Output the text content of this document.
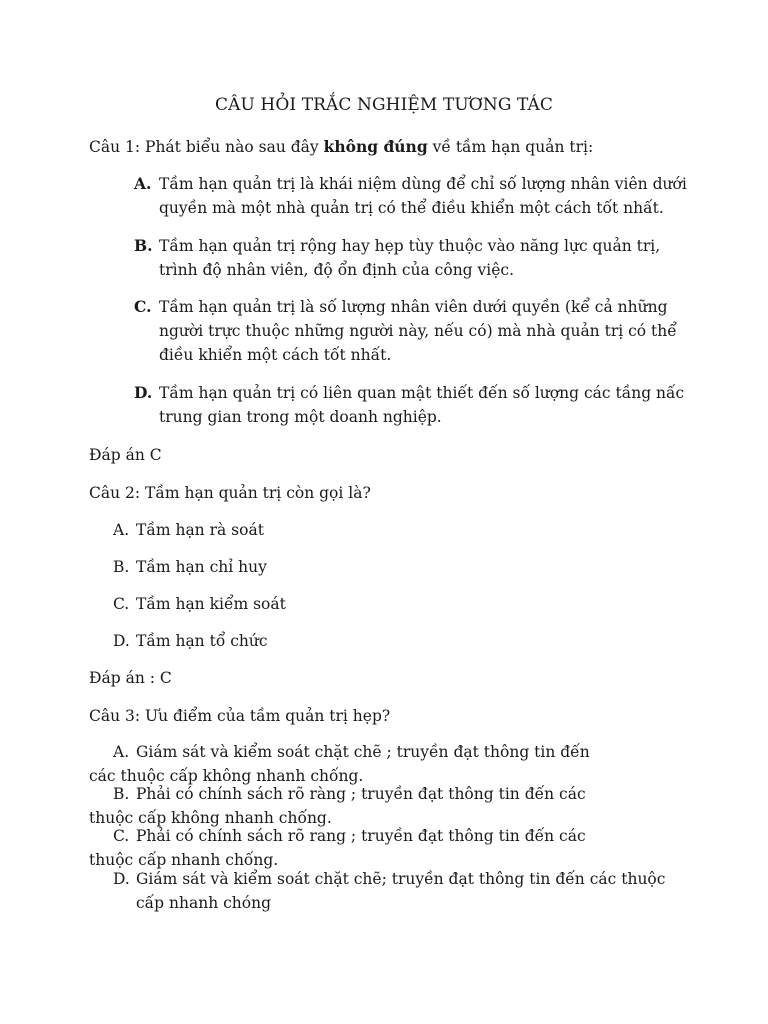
CÂU HỎI TRẮC NGHIỆM TƯƠNG TÁC
Câu 1: Phát biểu nào sau đây không đúng về tầm hạn quản trị:
A. Tầm hạn quản trị là khái niệm dùng để chỉ số lượng nhân viên dưới quyền mà một nhà quản trị có thể điều khiển một cách tốt nhất.
B. Tầm hạn quản trị rộng hay hẹp tùy thuộc vào năng lực quản trị, trình độ nhân viên, độ ổn định của công việc.
C. Tầm hạn quản trị là số lượng nhân viên dưới quyền (kể cả những người trực thuộc những người này, nếu có) mà nhà quản trị có thể điều khiển một cách tốt nhất.
D. Tầm hạn quản trị có liên quan mật thiết đến số lượng các tầng nấc trung gian trong một doanh nghiệp.
Đáp án C
Câu 2: Tầm hạn quản trị còn gọi là?
A. Tầm hạn rà soát
B. Tầm hạn chỉ huy
C. Tầm hạn kiểm soát
D. Tầm hạn tổ chức
Đáp án : C
Câu 3: Ưu điểm của tầm quản trị hẹp?
A. Giám sát và kiểm soát chặt chẽ ; truyền đạt thông tin đến
các thuộc cấp không nhanh chống.
B. Phải có chính sách rõ ràng ; truyền đạt thông tin đến các
thuộc cấp không nhanh chống.
C. Phải có chính sách rõ rang ; truyền đạt thông tin đến các
thuộc cấp nhanh chống.
D. Giám sát và kiểm soát chặt chẽ; truyền đạt thông tin đến các thuộc cấp nhanh chóng
